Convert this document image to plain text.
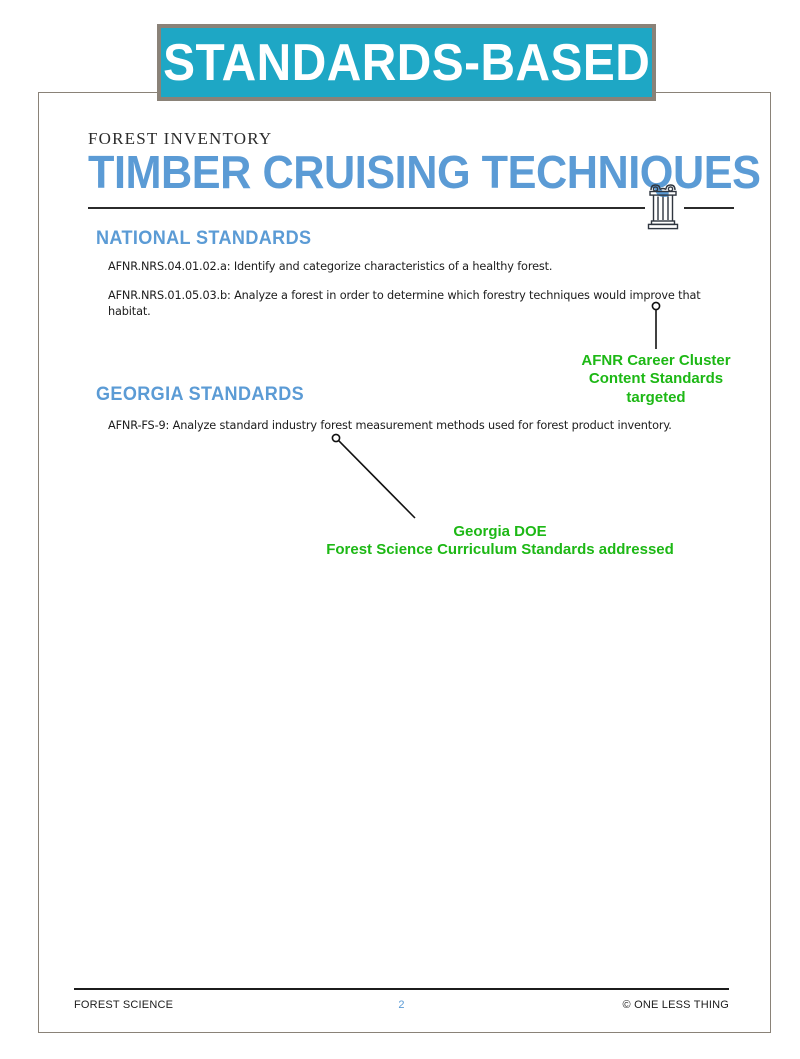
STANDARDS-BASED
FOREST INVENTORY
TIMBER CRUISING TECHNIQUES
NATIONAL STANDARDS
AFNR.NRS.04.01.02.a: Identify and categorize characteristics of a healthy forest.
AFNR.NRS.01.05.03.b: Analyze a forest in order to determine which forestry techniques would improve that habitat.
GEORGIA STANDARDS
AFNR-FS-9: Analyze standard industry forest measurement methods used for forest product inventory.
AFNR Career Cluster
Content Standards
targeted
Georgia DOE
Forest Science Curriculum Standards addressed
FOREST SCIENCE	2	© ONE LESS THING
